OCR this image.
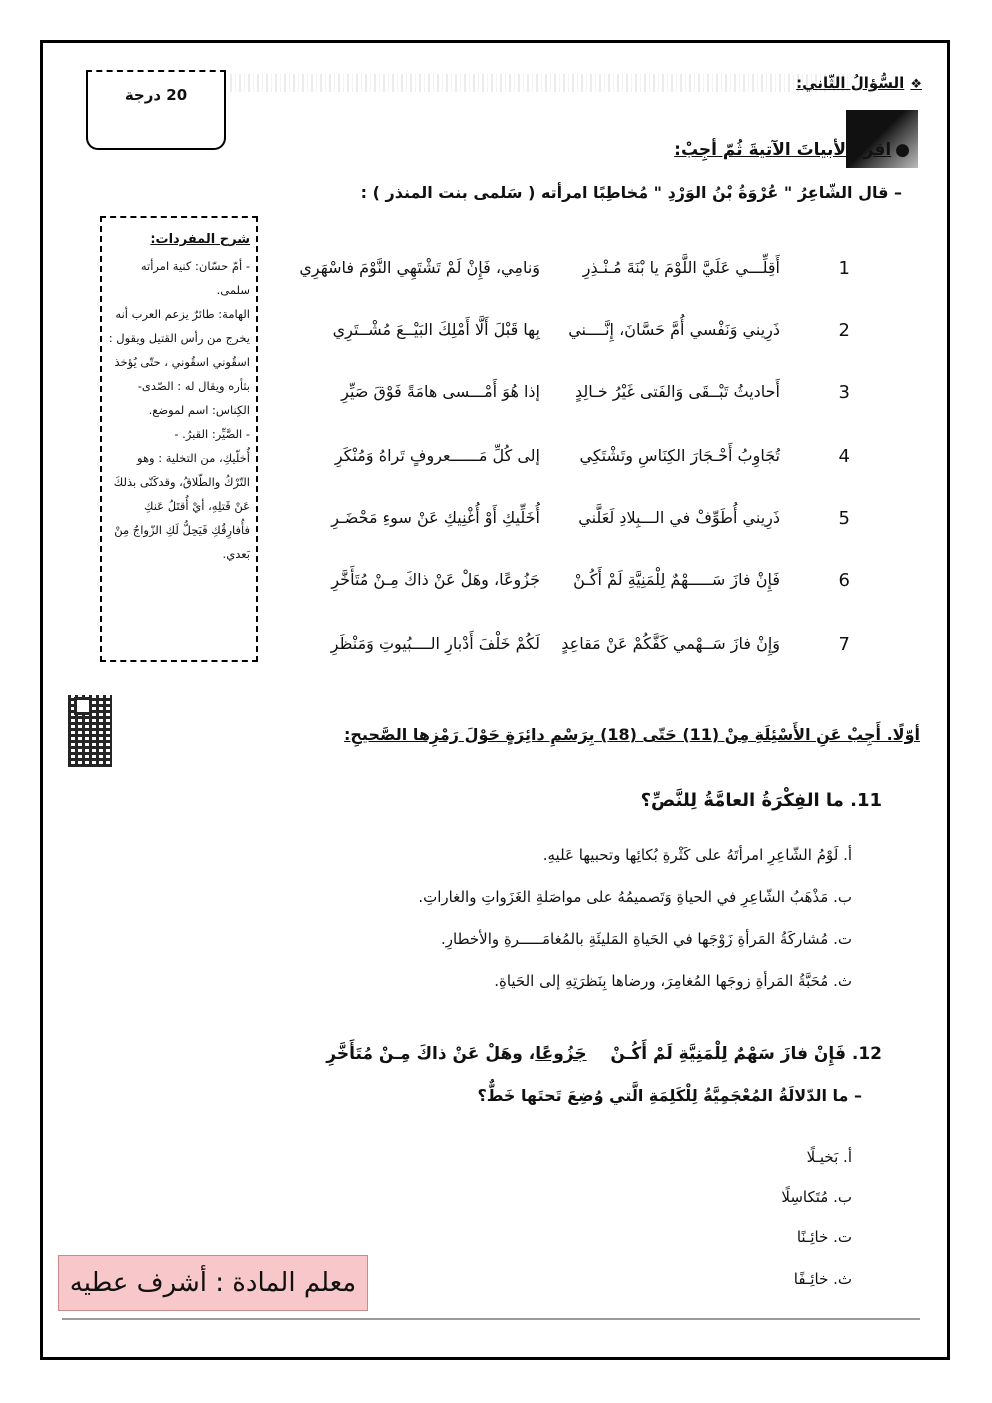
20 درجة
❖السُّؤالُ الثّاني:
●اقرأ الأبياتَ الآتيةَ ثُمّ أجِبْ:
– قال الشّاعِرُ " عُرْوَةُ بْنُ الوَرْدِ " مُخاطِبًا امرأته ( سَلمى بنت المنذر ) :
شرح المفردات:

- أمّ حسّان: كنية امرأته سلمى.

الهامة: طائرٌ يزعم العرب أنه يخرج من رأس القتيل ويقول : اسقُوني اسقُوني ، حتّى يُؤخذ بثأره ويقال له : الصّدى-

الكِناس: اسم لموضع.

- الصَّيِّر: القبرُ. -

أُخلّيكِ، من التخلية : وهو التّرْكُ والطّلاقُ، وقدكَنّى بذلكَ عَنْ قَتلِهِ، أيْ أُقتَلُ عَنكِ فأُفارِقُكِ فَيَحِلُّ لَكِ الزّواجُ مِنْ بَعدي.

1
أَقِلِّـــي عَلَيَّ اللَّوْمَ يا بْنَةَ مُـنْـذِرِ
وَنامِي، فَإِنْ لَمْ تَشْتَهِي النَّوْمَ فاسْهَرِي
2
ذَرِيني وَنَفْسي أُمَّ حَسَّانَ، إِنَّــــني
بِها قَبْلَ أَلَّا أَمْلِكَ البَيْــعَ مُشْــتَرِي
3
أَحاديثُ تَبْــقَى وَالفَتى غَيْرُ خـالِدٍ
إذا هُوَ أَمْـــسى هامَةً فَوْقَ صَيِّرِ
4
تُجَاوِبُ أَحْـجَارَ الكِنَاسِ وتَشْتَكِي
إلى كُلِّ مَــــــعروفٍ تَراهُ وَمُنْكَرِ
5
ذَرِيني أُطَوِّفْ في الـــبِلادِ لَعَلَّني
أُخَلِّيكِ أَوْ أُغْنِيكِ عَنْ سوءِ مَحْضَـرِ
6
فَإِنْ فازَ سَـــــهْمٌ لِلْمَنِيَّةِ لَمْ أَكُـنْ
جَزُوعًا، وهَلْ عَنْ ذاكَ مِـنْ مُتَأَخَّرِ
7
وَإِنْ فازَ سَــهْمي كَفَّكُمْ عَنْ مَقاعِدٍ
لَكُمْ خَلْفَ أَدْبارِ الــــبُيوتِ وَمَنْظَرِ
أوّلًا. أَجِبْ عَنِ الأَسْئِلَةِ مِنْ (11) حَتّى (18) بِرَسْمِ دائِرَةٍ حَوْلَ رَمْزِها الصَّحيحِ:
11. ما الفِكْرَةُ العامَّةُ لِلنَّصِّ؟
أ. لَوْمُ الشّاعِرِ امرأتَهُ على كَثْرةِ بُكائِها وتحبيها عَليهِ.
ب. مَذْهَبُ الشّاعِرِ في الحياةِ وَتَصميمُهُ على مواصَلةِ الغَزَواتِ والغاراتِ.
ت. مُشاركَةُ المَرأةِ زَوْجَها في الحَياةِ المَليئَةِ بالمُغامَـــــرةِ والأخطارِ.
ث. مُحَبَّةُ المَرأةِ زوجَها المُغامِرَ، ورضاها بِنَظرَتِهِ إلى الحَياةِ.
12. فَإِنْ فازَ سَهْمٌ لِلْمَنِيَّةِ لَمْ أَكُـنْ    جَزُوعًا، وهَلْ عَنْ ذاكَ مِـنْ مُتَأَخَّرِ
– ما الدّلالَةُ المُعْجَمِيَّةُ لِلْكَلِمَةِ الَّتي وُضِعَ تَحتَها خَطٌّ؟
أ. بَخيـلًا
ب. مُتَكاسِلًا
ت. خائِـنًا
ث. خائِـفًا
معلم المادة : أشرف عطيه
